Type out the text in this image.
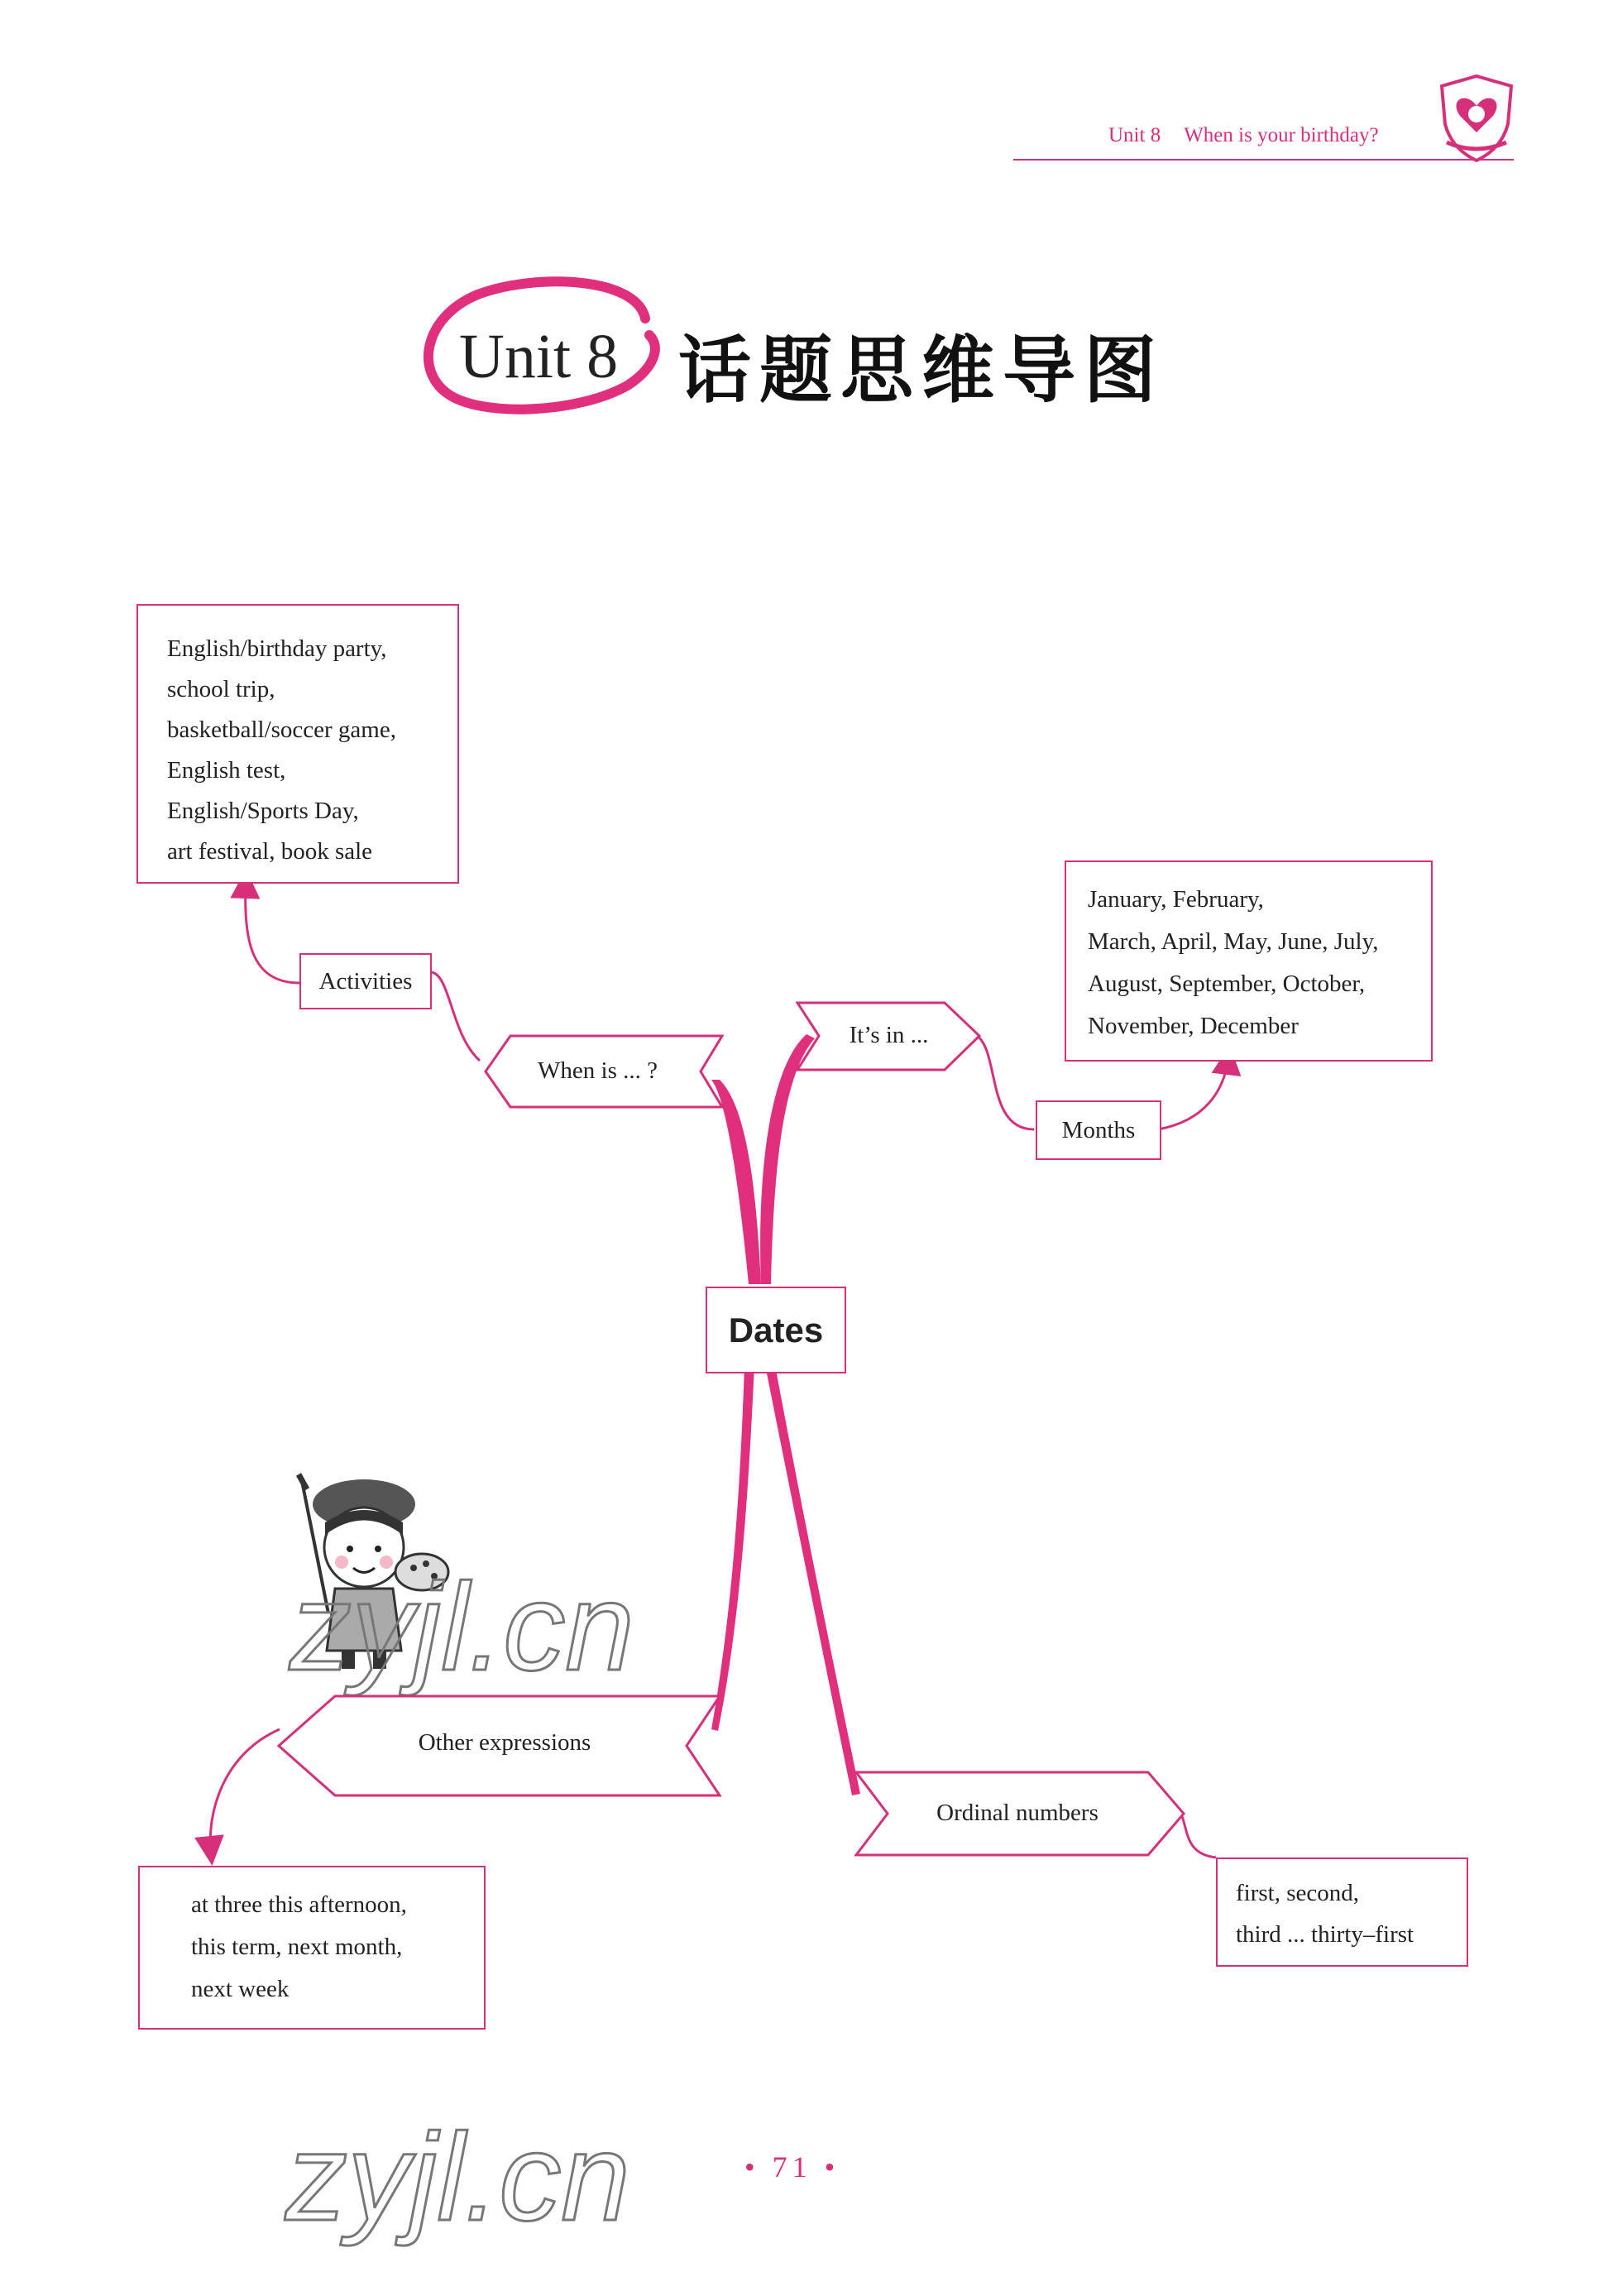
Unit 8 When is your birthday?
Unit 8 话题思维导图
English/birthday party,
school trip,
basketball/soccer game,
English test,
English/Sports Day,
art festival, book sale
Activities
When is ... ?
It’s in ...
January, February,
March, April, May, June, July,
August, September, October,
November, December
Months
Dates
zyjl.cn
Other expressions
at three this afternoon,
this term, next month,
next week
Ordinal numbers
first, second,
third ... thirty–first
zyjl.cn	• 71 •
